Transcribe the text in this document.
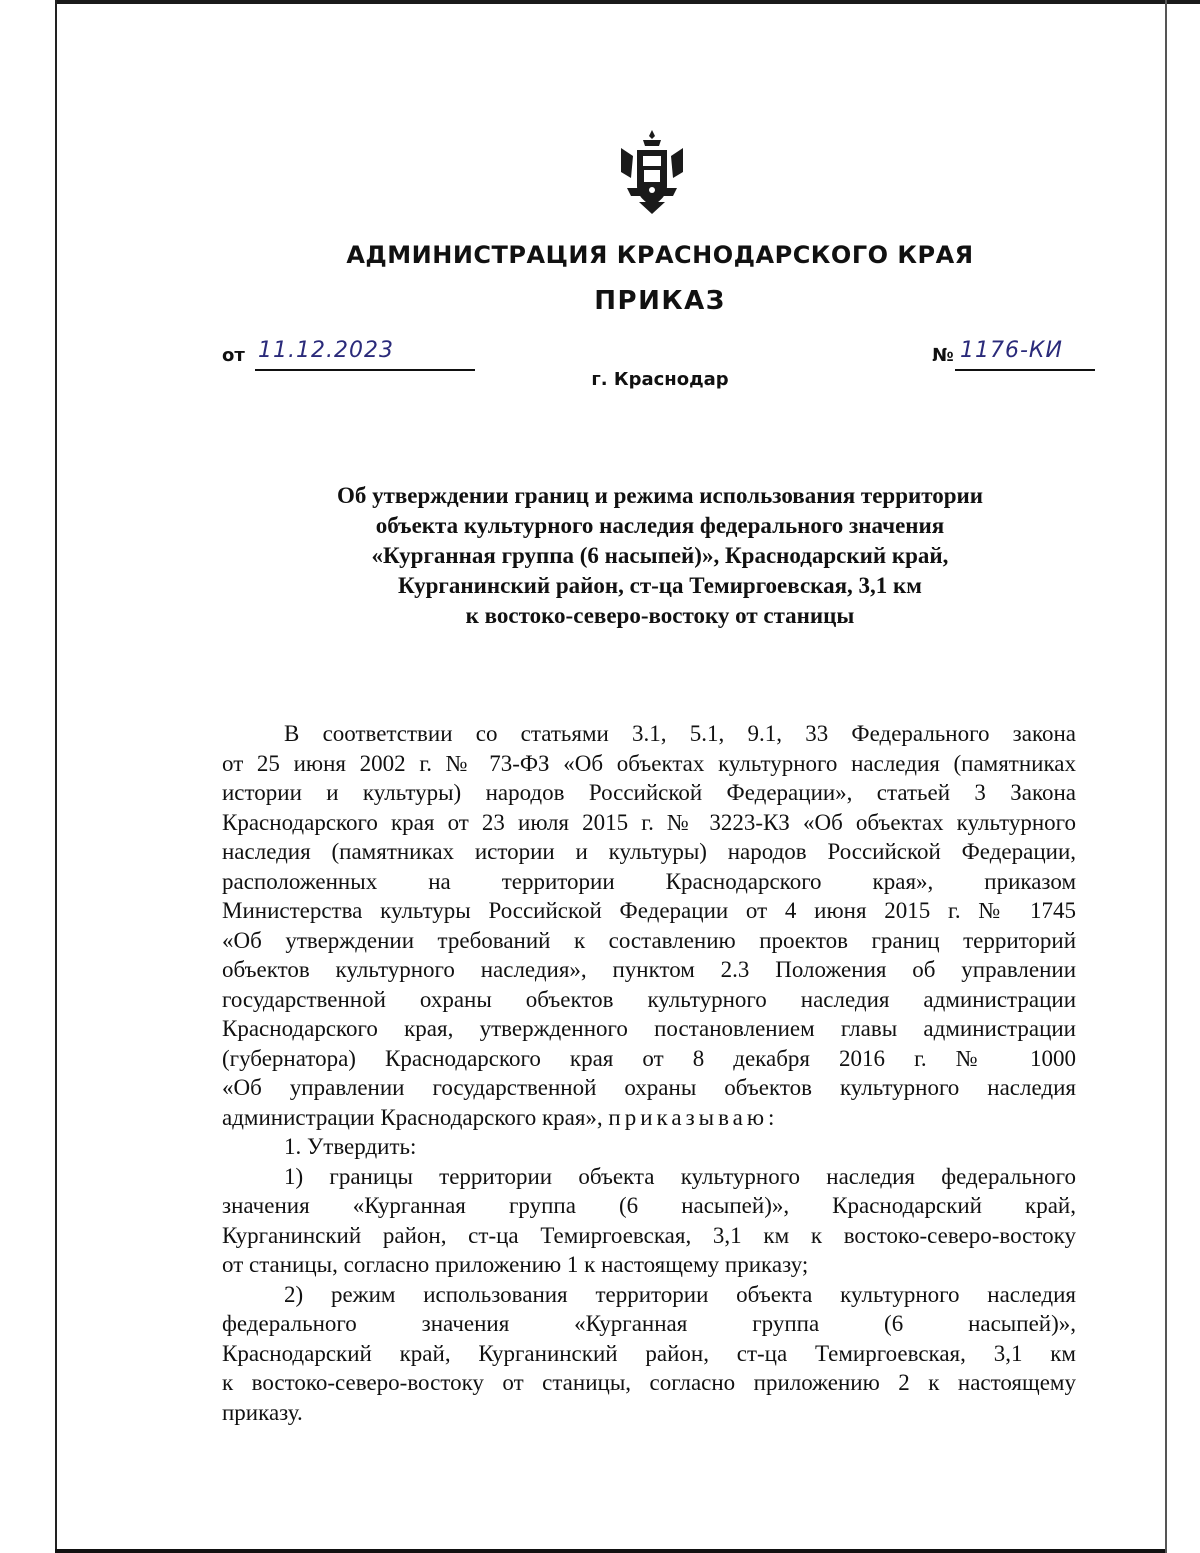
АДМИНИСТРАЦИЯ КРАСНОДАРСКОГО КРАЯ
ПРИКАЗ
от 11.12.2023
г. Краснодар
№ 1176-КИ
Об утверждении границ и режима использования территории
объекта культурного наследия федерального значения
«Курганная группа (6 насыпей)», Краснодарский край,
Курганинский район, ст-ца Темиргоевская, 3,1 км
к востоко-северо-востоку от станицы
В соответствии со статьями 3.1, 5.1, 9.1, 33 Федерального закона
от 25 июня 2002 г. № 73-ФЗ «Об объектах культурного наследия (памятниках
истории и культуры) народов Российской Федерации», статьей 3 Закона
Краснодарского края от 23 июля 2015 г. № 3223-КЗ «Об объектах культурного
наследия (памятниках истории и культуры) народов Российской Федерации,
расположенных на территории Краснодарского края», приказом
Министерства культуры Российской Федерации от 4 июня 2015 г. № 1745
«Об утверждении требований к составлению проектов границ территорий
объектов культурного наследия», пунктом 2.3 Положения об управлении
государственной охраны объектов культурного наследия администрации
Краснодарского края, утвержденного постановлением главы администрации
(губернатора) Краснодарского края от 8 декабря 2016 г. № 1000
«Об управлении государственной охраны объектов культурного наследия
администрации Краснодарского края», приказываю:
1. Утвердить:
1) границы территории объекта культурного наследия федерального
значения «Курганная группа (6 насыпей)», Краснодарский край,
Курганинский район, ст-ца Темиргоевская, 3,1 км к востоко-северо-востоку
от станицы, согласно приложению 1 к настоящему приказу;
2) режим использования территории объекта культурного наследия
федерального значения «Курганная группа (6 насыпей)»,
Краснодарский край, Курганинский район, ст-ца Темиргоевская, 3,1 км
к востоко-северо-востоку от станицы, согласно приложению 2 к настоящему
приказу.
